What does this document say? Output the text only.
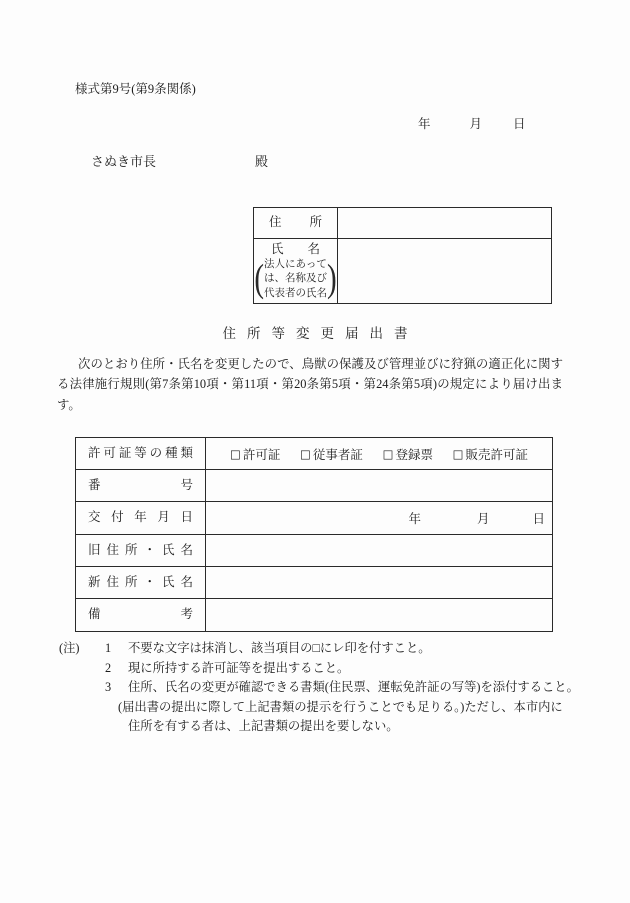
様式第9号(第9条関係)
年	月 日
さぬき市長	殿
住所
氏名
( 法人にあって
は、名称及び
代表者の氏名 )
住所等変更届出書

次のとおり住所・氏名を変更したので、鳥獣の保護及び管理並びに狩猟の適正化に関する法律施行規則(第7条第10項・第11項・第20条第5項・第24条第5項)の規定により届け出ます。

許可証等の種類	□ 許可証 □ 従事者証 □ 登録票 □ 販売許可証
番号
交付年月日	年	月	日
旧住所・氏名
新住所・氏名
備考
(注)	1	不要な文字は抹消し、該当項目の□にレ印を付すこと。
2	現に所持する許可証等を提出すること。
3	住所、氏名の変更が確認できる書類(住民票、運転免許証の写等)を添付すること。
(届出書の提出に際して上記書類の提示を行うことでも足りる。)ただし、本市内に
住所を有する者は、上記書類の提出を要しない。
